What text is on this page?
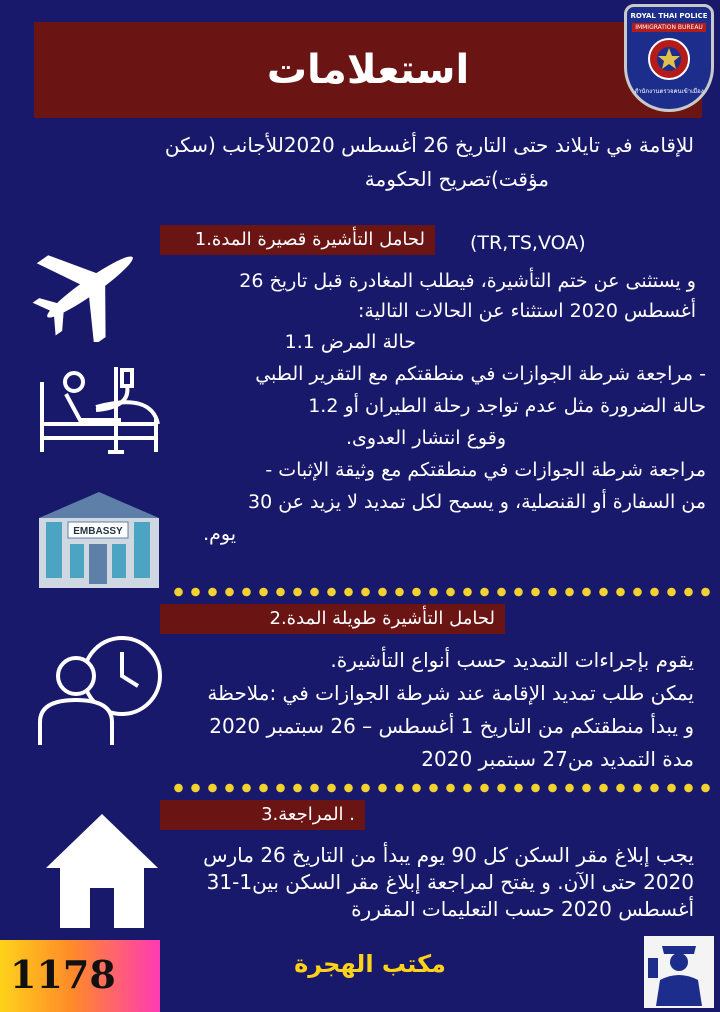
استعلامات
ROYAL THAI POLICE
IMMIGRATION BUREAU
สำนักงานตรวจคนเข้าเมือง
للإقامة في تايلاند حتى التاريخ 26 أغسطس 2020للأجانب (سكن
مؤقت)تصريح الحكومة
لحامل التأشيرة قصيرة المدة.1	(TR,TS,VOA)
و يستثنى عن ختم التأشيرة، فيطلب المغادرة قبل تاريخ 26
أغسطس 2020 استثناء عن الحالات التالية:
حالة المرض 1.1
- مراجعة شرطة الجوازات في منطقتكم مع التقرير الطبي
حالة الضرورة مثل عدم تواجد رحلة الطيران أو 1.2
وقوع انتشار العدوى.
مراجعة شرطة الجوازات في منطقتكم مع وثيقة الإثبات -
من السفارة أو القنصلية، و يسمح لكل تمديد لا يزيد عن 30
يوم.
EMBASSY
لحامل التأشيرة طويلة المدة.2
يقوم بإجراءات التمديد حسب أنواع التأشيرة.
يمكن طلب تمديد الإقامة عند شرطة الجوازات في :ملاحظة
و يبدأ منطقتكم من التاريخ 1 أغسطس – 26 سبتمبر 2020
مدة التمديد من27 سبتمبر 2020
. المراجعة.3
يجب إبلاغ مقر السكن كل 90 يوم يبدأ من التاريخ 26 مارس
2020 حتى الآن. و يفتح لمراجعة إبلاغ مقر السكن بين1-31
أغسطس 2020 حسب التعليمات المقررة
1178	مكتب الهجرة
